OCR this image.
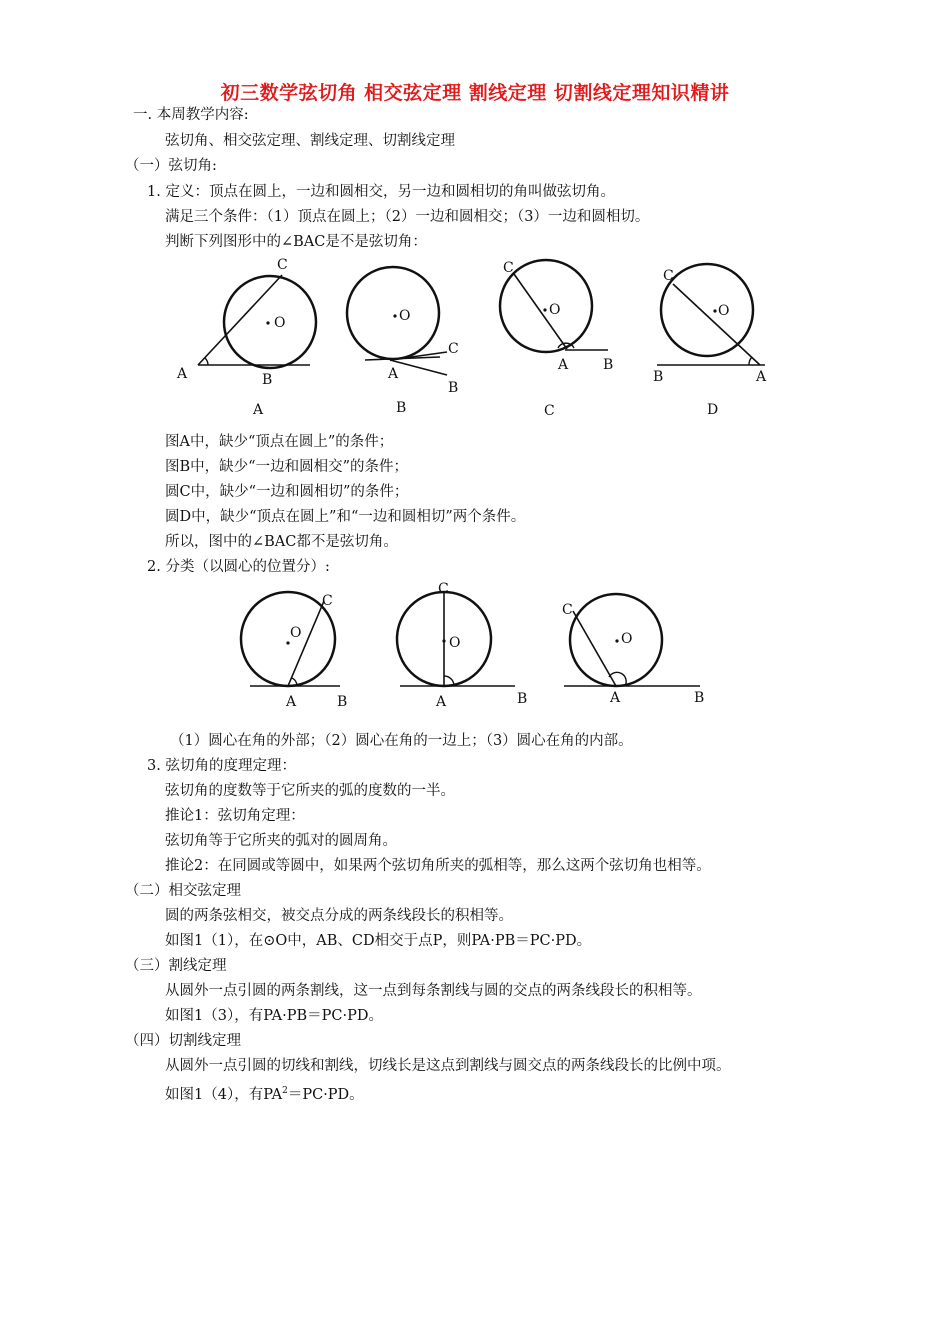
初三数学弦切角 相交弦定理 割线定理 切割线定理知识精讲
一. 本周教学内容:
弦切角、相交弦定理、割线定理、切割线定理
（一）弦切角:
1. 定义：顶点在圆上，一边和圆相交，另一边和圆相切的角叫做弦切角。
满足三个条件：（1）顶点在圆上；（2）一边和圆相交；（3）一边和圆相切。
判断下列图形中的∠BAC是不是弦切角：
O
C
A	B
A
O
C
A
B
B
O
C
A B
C
O
C
A
B
D
图A中，缺少“顶点在圆上”的条件；
图B中，缺少“一边和圆相交”的条件；
圆C中，缺少“一边和圆相切”的条件；
圆D中，缺少“顶点在圆上”和“一边和圆相切”两个条件。
所以，图中的∠BAC都不是弦切角。
2. 分类（以圆心的位置分）:
O
C
A	B
O
C
A	B
O
C
A	B
（1）圆心在角的外部；（2）圆心在角的一边上；（3）圆心在角的内部。
3. 弦切角的度理定理：
弦切角的度数等于它所夹的弧的度数的一半。
推论1：弦切角定理：
弦切角等于它所夹的弧对的圆周角。
推论2：在同圆或等圆中，如果两个弦切角所夹的弧相等，那么这两个弦切角也相等。
（二）相交弦定理
圆的两条弦相交，被交点分成的两条线段长的积相等。
如图1（1），在⊙O中，AB、CD相交于点P，则PA·PB＝PC·PD。
（三）割线定理
从圆外一点引圆的两条割线，这一点到每条割线与圆的交点的两条线段长的积相等。
如图1（3），有PA·PB＝PC·PD。
（四）切割线定理
从圆外一点引圆的切线和割线，切线长是这点到割线与圆交点的两条线段长的比例中项。
如图1（4），有$PA^2=PC\cdot PD$。
